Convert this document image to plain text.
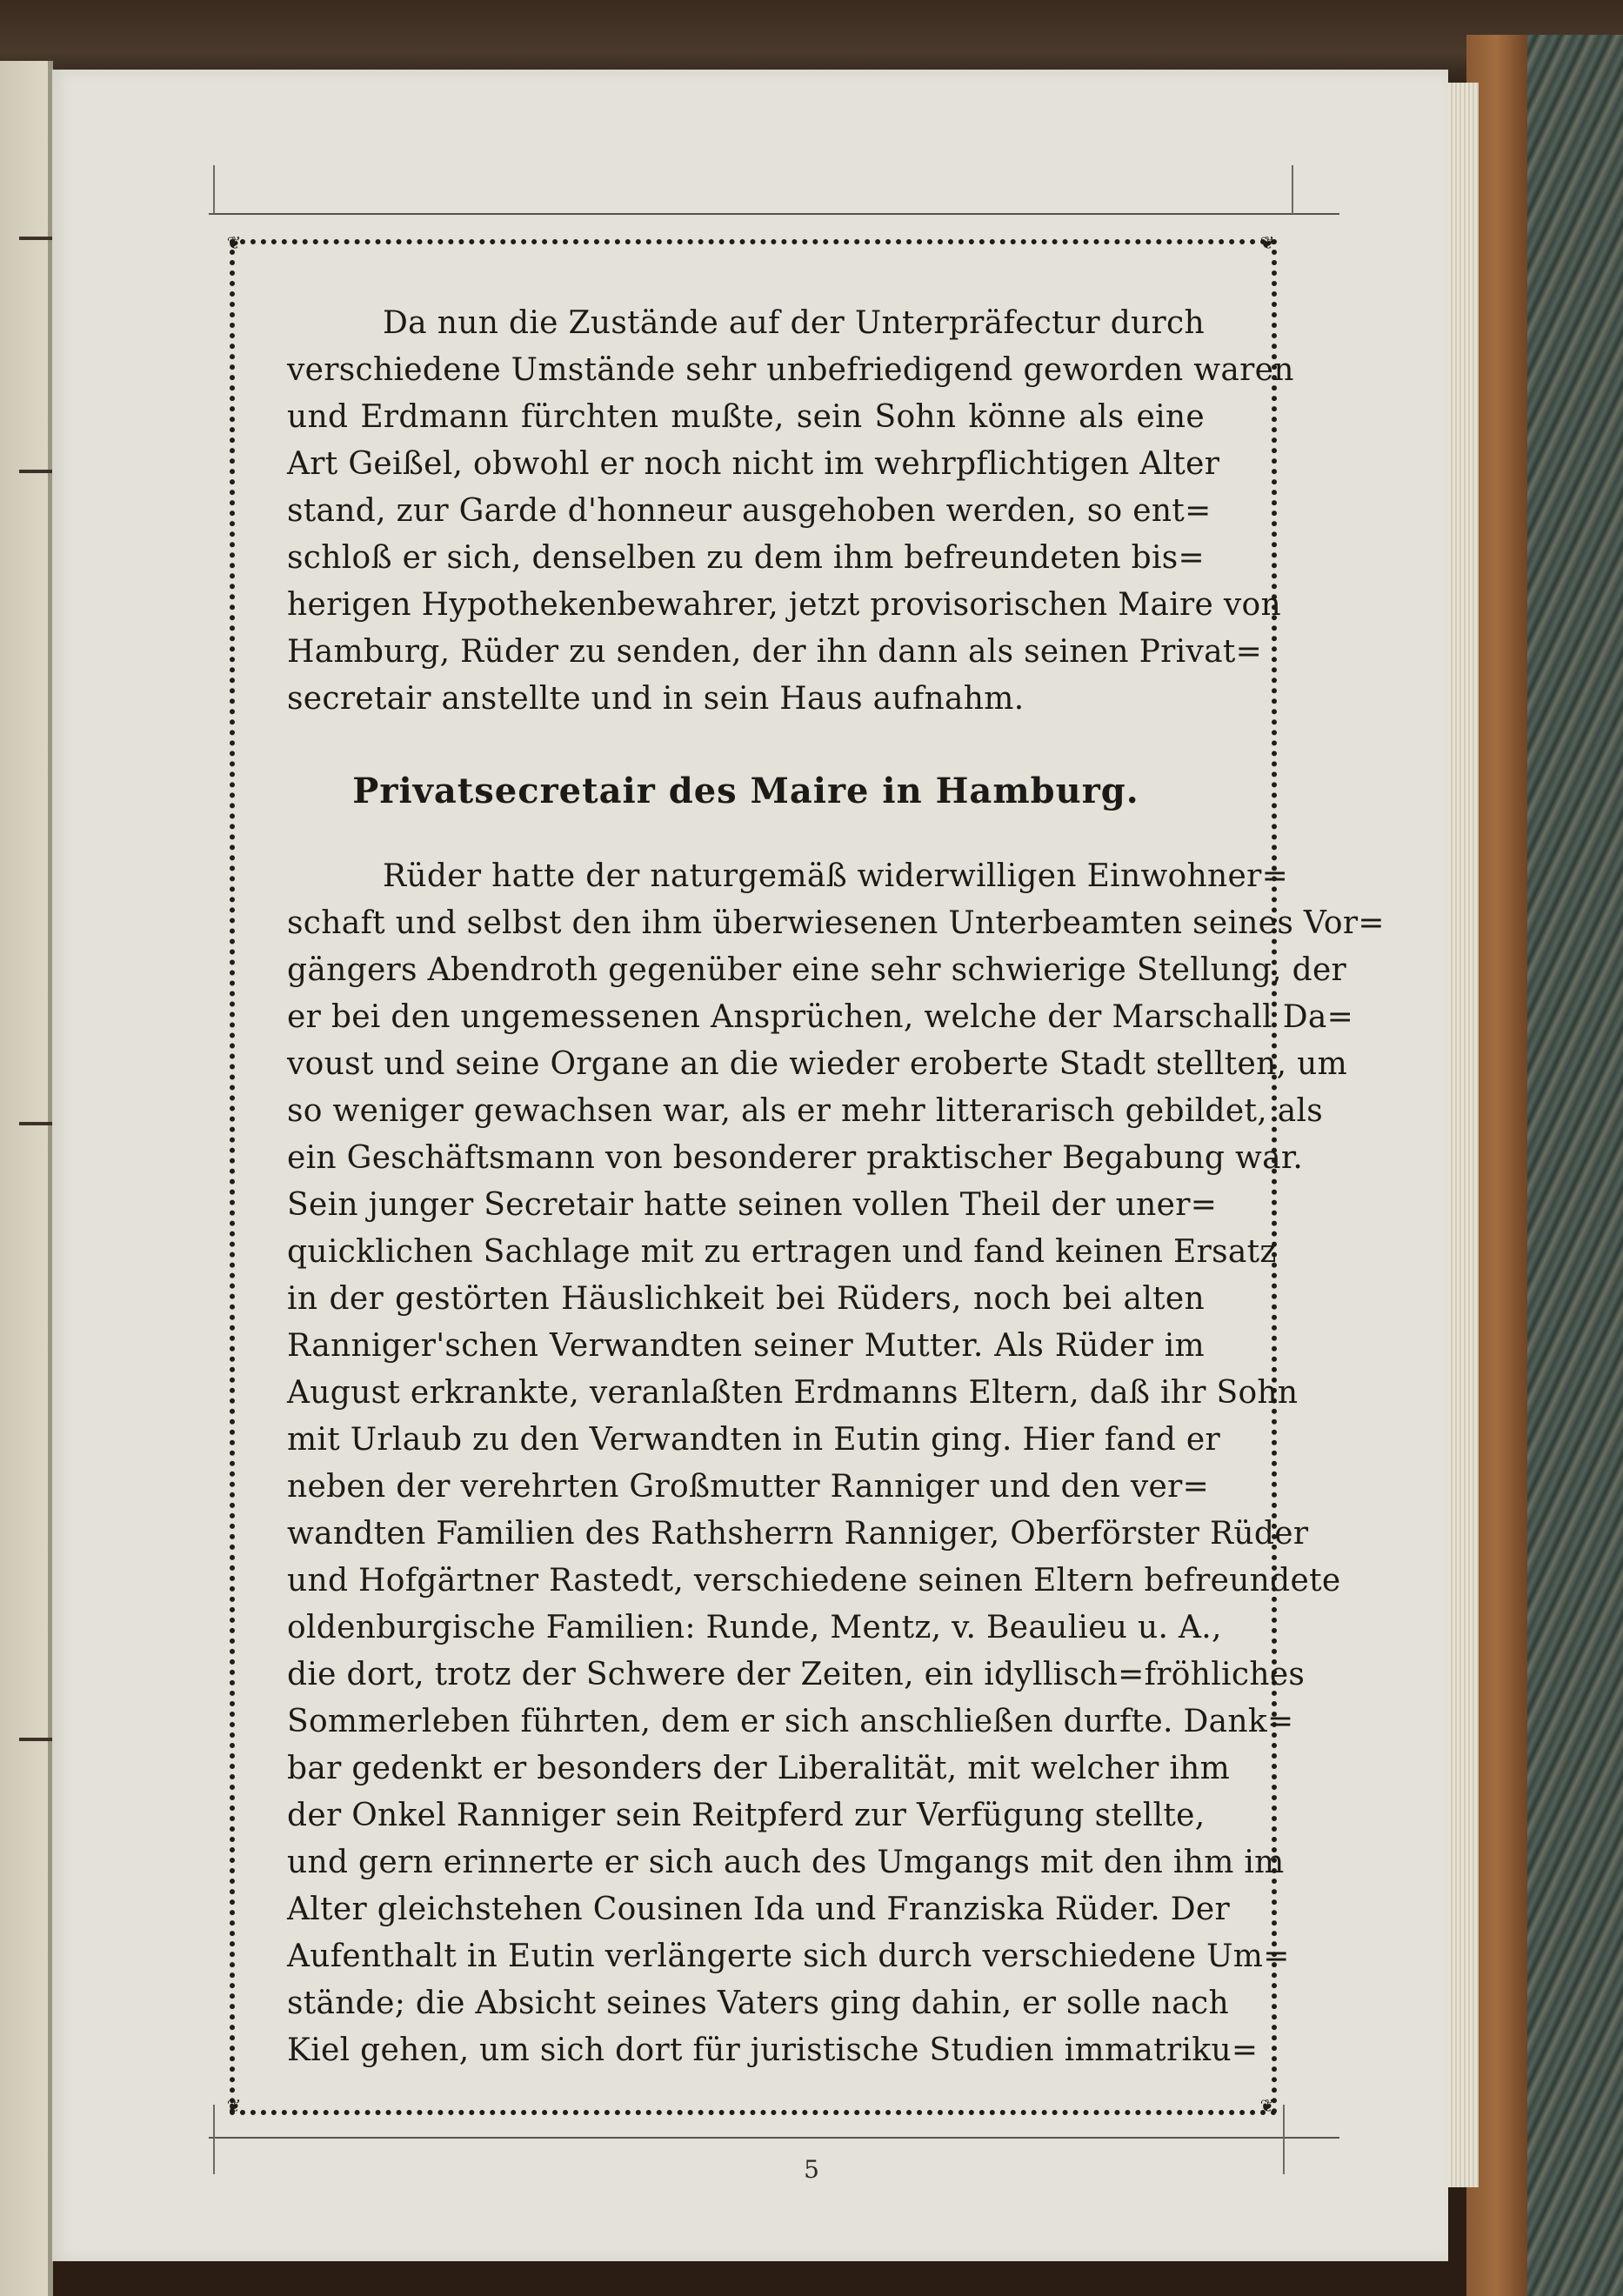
❦	❦
❦	❦
Da nun die Zustände auf der Unterpräfectur durch
verschiedene Umstände sehr unbefriedigend geworden waren
und Erdmann fürchten mußte, sein Sohn könne als eine
Art Geißel, obwohl er noch nicht im wehrpflichtigen Alter
stand, zur Garde d'honneur ausgehoben werden, so ent=
schloß er sich, denselben zu dem ihm befreundeten bis=
herigen Hypothekenbewahrer, jetzt provisorischen Maire von
Hamburg, Rüder zu senden, der ihn dann als seinen Privat=
secretair anstellte und in sein Haus aufnahm.
Privatsecretair des Maire in Hamburg.
Rüder hatte der naturgemäß widerwilligen Einwohner=
schaft und selbst den ihm überwiesenen Unterbeamten seines Vor=
gängers Abendroth gegenüber eine sehr schwierige Stellung, der
er bei den ungemessenen Ansprüchen, welche der Marschall Da=
voust und seine Organe an die wieder eroberte Stadt stellten, um
so weniger gewachsen war, als er mehr litterarisch gebildet, als
ein Geschäftsmann von besonderer praktischer Begabung war.
Sein junger Secretair hatte seinen vollen Theil der uner=
quicklichen Sachlage mit zu ertragen und fand keinen Ersatz
in der gestörten Häuslichkeit bei Rüders, noch bei alten
Ranniger'schen Verwandten seiner Mutter. Als Rüder im
August erkrankte, veranlaßten Erdmanns Eltern, daß ihr Sohn
mit Urlaub zu den Verwandten in Eutin ging. Hier fand er
neben der verehrten Großmutter Ranniger und den ver=
wandten Familien des Rathsherrn Ranniger, Oberförster Rüder
und Hofgärtner Rastedt, verschiedene seinen Eltern befreundete
oldenburgische Familien: Runde, Mentz, v. Beaulieu u. A.,
die dort, trotz der Schwere der Zeiten, ein idyllisch=fröhliches
Sommerleben führten, dem er sich anschließen durfte. Dank=
bar gedenkt er besonders der Liberalität, mit welcher ihm
der Onkel Ranniger sein Reitpferd zur Verfügung stellte,
und gern erinnerte er sich auch des Umgangs mit den ihm im
Alter gleichstehen Cousinen Ida und Franziska Rüder. Der
Aufenthalt in Eutin verlängerte sich durch verschiedene Um=
stände; die Absicht seines Vaters ging dahin, er solle nach
Kiel gehen, um sich dort für juristische Studien immatriku=
5
